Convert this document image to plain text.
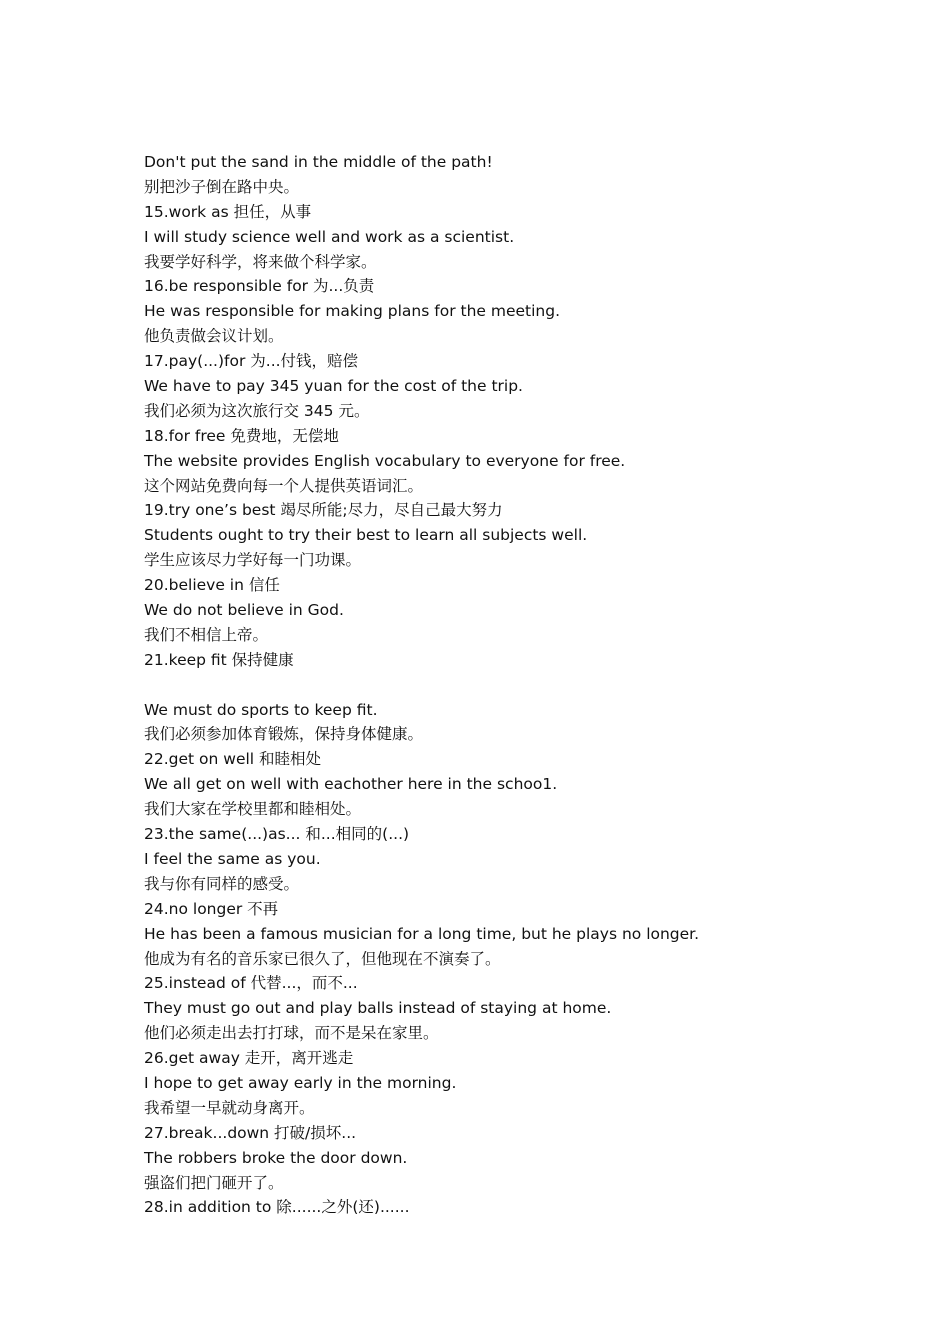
Don't put the sand in the middle of the path!
别把沙子倒在路中央。
15.work as 担任，从事
I will study science well and work as a scientist.
我要学好科学，将来做个科学家。
16.be responsible for 为...负责
He was responsible for making plans for the meeting.
他负责做会议计划。
17.pay(...)for 为...付钱，赔偿
We have to pay 345 yuan for the cost of the trip.
我们必须为这次旅行交 345 元。
18.for free 免费地，无偿地
The website provides English vocabulary to everyone for free.
这个网站免费向每一个人提供英语词汇。
19.try one’s best 竭尽所能;尽力，尽自己最大努力
Students ought to try their best to learn all subjects well.
学生应该尽力学好每一门功课。
20.believe in 信任
We do not believe in God.
我们不相信上帝。
21.keep fit 保持健康
We must do sports to keep fit.
我们必须参加体育锻炼，保持身体健康。
22.get on well 和睦相处
We all get on well with eachother here in the schoo1.
我们大家在学校里都和睦相处。
23.the same(...)as... 和...相同的(...)
I feel the same as you.
我与你有同样的感受。
24.no longer 不再
He has been a famous musician for a long time, but he plays no longer.
他成为有名的音乐家已很久了，但他现在不演奏了。
25.instead of 代替...，而不...
They must go out and play balls instead of staying at home.
他们必须走出去打打球，而不是呆在家里。
26.get away 走开，离开逃走
I hope to get away early in the morning.
我希望一早就动身离开。
27.break...down 打破/损坏...
The robbers broke the door down.
强盗们把门砸开了。
28.in addition to 除......之外(还)......
